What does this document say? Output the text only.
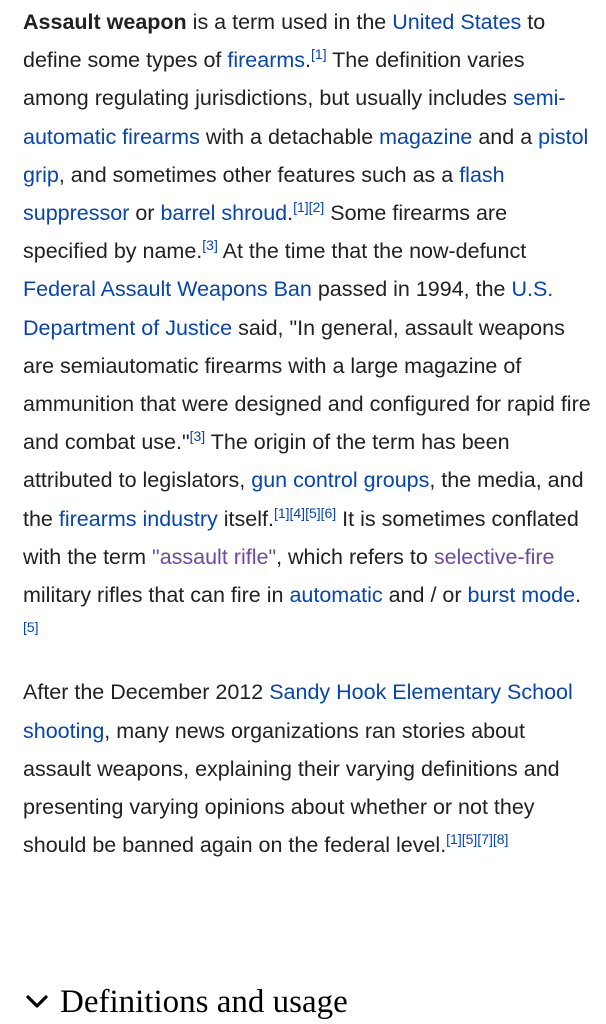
Assault weapon is a term used in the United States to define some types of firearms.[1] The definition varies among regulating jurisdictions, but usually includes semi-automatic firearms with a detachable magazine and a pistol grip, and sometimes other features such as a flash suppressor or barrel shroud.[1][2] Some firearms are specified by name.[3] At the time that the now-defunct Federal Assault Weapons Ban passed in 1994, the U.S. Department of Justice said, "In general, assault weapons are semiautomatic firearms with a large magazine of ammunition that were designed and configured for rapid fire and combat use."[3] The origin of the term has been attributed to legislators, gun control groups, the media, and the firearms industry itself.[1][4][5][6] It is sometimes conflated with the term "assault rifle", which refers to selective-fire military rifles that can fire in automatic and / or burst mode.[5]

After the December 2012 Sandy Hook Elementary School shooting, many news organizations ran stories about assault weapons, explaining their varying definitions and presenting varying opinions about whether or not they should be banned again on the federal level.[1][5][7][8]

Definitions and usage
